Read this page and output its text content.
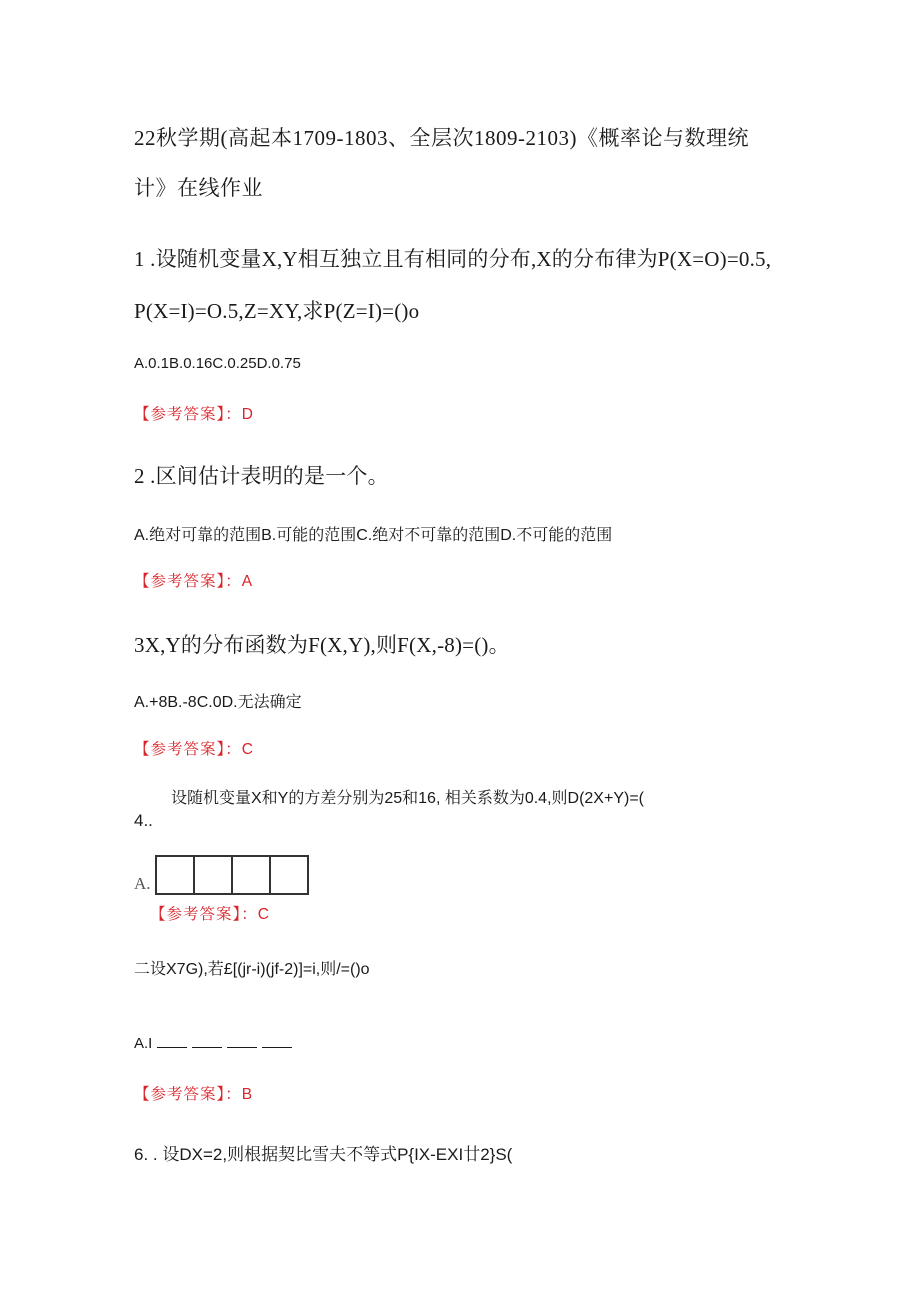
22秋学期(高起本1709-1803、全层次1809-2103)《概率论与数理统
计》在线作业
1 .设随机变量X,Y相互独立且有相同的分布,X的分布律为P(X=O)=0.5,
P(X=I)=O.5,Z=XY,求P(Z=I)=()o
A.0.1B.0.16C.0.25D.0.75
【参考答案】：D
2 .区间估计表明的是一个。
A.绝对可靠的范围B.可能的范围C.绝对不可靠的范围D.不可能的范围
【参考答案】：A
3X,Y的分布函数为F(X,Y),则F(X,-8)=()。
A.+8B.-8C.0D.无法确定
【参考答案】：C
设随机变量X和Y的方差分别为25和16, 相关系数为0.4,则D(2X+Y)=(
4..
A.
【参考答案】：C
二设X7G),若£[(jr-i)(jf-2)]=i,则/=()o
A.I
【参考答案】：B
6. . 设DX=2,则根据契比雪夫不等式P{IX-EXI廿2}S(
